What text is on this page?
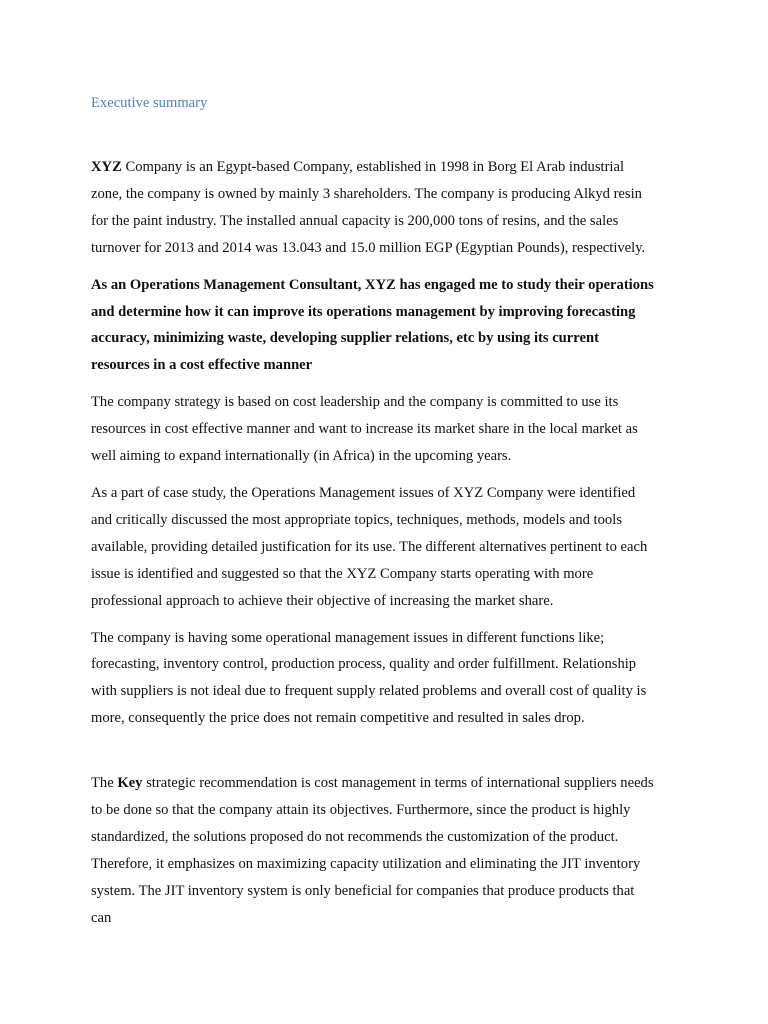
Executive summary

XYZ Company is an Egypt-based Company, established in 1998 in Borg El Arab industrial zone, the company is owned by mainly 3 shareholders. The company is producing Alkyd resin for the paint industry. The installed annual capacity is 200,000 tons of resins, and the sales turnover for 2013 and 2014 was 13.043 and 15.0 million EGP (Egyptian Pounds), respectively.

As an Operations Management Consultant, XYZ has engaged me to study their operations and determine how it can improve its operations management by improving forecasting accuracy, minimizing waste, developing supplier relations, etc by using its current resources in a cost effective manner

The company strategy is based on cost leadership and the company is committed to use its resources in cost effective manner and want to increase its market share in the local market as well aiming to expand internationally (in Africa) in the upcoming years.

As a part of case study, the Operations Management issues of XYZ Company were identified and critically discussed the most appropriate topics, techniques, methods, models and tools available, providing detailed justification for its use. The different alternatives pertinent to each issue is identified and suggested so that the XYZ Company starts operating with more professional approach to achieve their objective of increasing the market share.

The company is having some operational management issues in different functions like; forecasting, inventory control, production process, quality and order fulfillment. Relationship with suppliers is not ideal due to frequent supply related problems and overall cost of quality is more, consequently the price does not remain competitive and resulted in sales drop.

The Key strategic recommendation is cost management in terms of international suppliers needs to be done so that the company attain its objectives. Furthermore, since the product is highly standardized, the solutions proposed do not recommends the customization of the product. Therefore, it emphasizes on maximizing capacity utilization and eliminating the JIT inventory system. The JIT inventory system is only beneficial for companies that produce products that can
